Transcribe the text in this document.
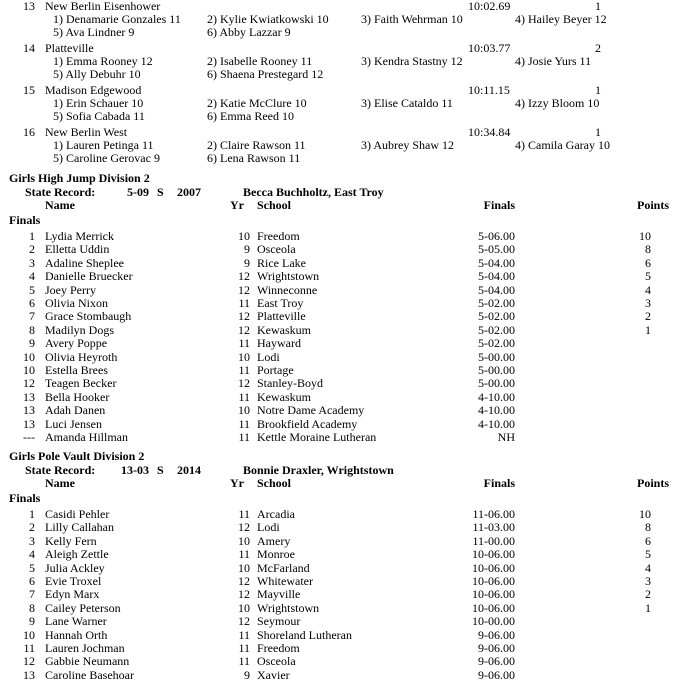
13 New Berlin Eisenhower	10:02.69	1
1) Denamarie Gonzales 11 2) Kylie Kwiatkowski 10	3) Faith Wehrman 10	4) Hailey Beyer 12
5) Ava Lindner 9	6) Abby Lazzar 9
14 Platteville	10:03.77	2
1) Emma Rooney 12	2) Isabelle Rooney 11	3) Kendra Stastny 12	4) Josie Yurs 11
5) Ally Debuhr 10	6) Shaena Prestegard 12
15 Madison Edgewood	10:11.15	1
1) Erin Schauer 10	2) Katie McClure 10	3) Elise Cataldo 11	4) Izzy Bloom 10
5) Sofia Cabada 11	6) Emma Reed 10
16 New Berlin West	10:34.84	1
1) Lauren Petinga 11	2) Claire Rawson 11	3) Aubrey Shaw 12	4) Camila Garay 10
5) Caroline Gerovac 9	6) Lena Rawson 11
Girls High Jump Division 2
State Record:	5-09 S 2007	Becca Buchholtz, East Troy
Name	Yr School	Finals	Points
Finals
1 Lydia Merrick	10 Freedom	5-06.00	10
2 Elletta Uddin	9 Osceola	5-05.00	8
3 Adaline Sheplee	9 Rice Lake	5-04.00	6
4 Danielle Bruecker	12 Wrightstown	5-04.00	5
5 Joey Perry	12 Winneconne	5-04.00	4
6 Olivia Nixon	11 East Troy	5-02.00	3
7 Grace Stombaugh	12 Platteville	5-02.00	2
8 Madilyn Dogs	12 Kewaskum	5-02.00	1
9 Avery Poppe	11 Hayward	5-02.00
10 Olivia Heyroth	10 Lodi	5-00.00
10 Estella Brees	11 Portage	5-00.00
12 Teagen Becker	12 Stanley-Boyd	5-00.00
13 Bella Hooker	11 Kewaskum	4-10.00
13 Adah Danen	10 Notre Dame Academy	4-10.00
13 Luci Jensen	11 Brookfield Academy	4-10.00
--- Amanda Hillman	11 Kettle Moraine Lutheran	NH
Girls Pole Vault Division 2
State Record: 13-03 S 2014	Bonnie Draxler, Wrightstown
Name	Yr School	Finals	Points
Finals
1 Casidi Pehler	11 Arcadia	11-06.00	10
2 Lilly Callahan	12 Lodi	11-03.00	8
3 Kelly Fern	10 Amery	11-00.00	6
4 Aleigh Zettle	11 Monroe	10-06.00	5
5 Julia Ackley	10 McFarland	10-06.00	4
6 Evie Troxel	12 Whitewater	10-06.00	3
7 Edyn Marx	12 Mayville	10-06.00	2
8 Cailey Peterson	10 Wrightstown	10-06.00	1
9 Lane Warner	12 Seymour	10-00.00
10 Hannah Orth	11 Shoreland Lutheran	9-06.00
11 Lauren Jochman	11 Freedom	9-06.00
12 Gabbie Neumann	11 Osceola	9-06.00
13 Caroline Basehoar	9 Xavier	9-06.00
